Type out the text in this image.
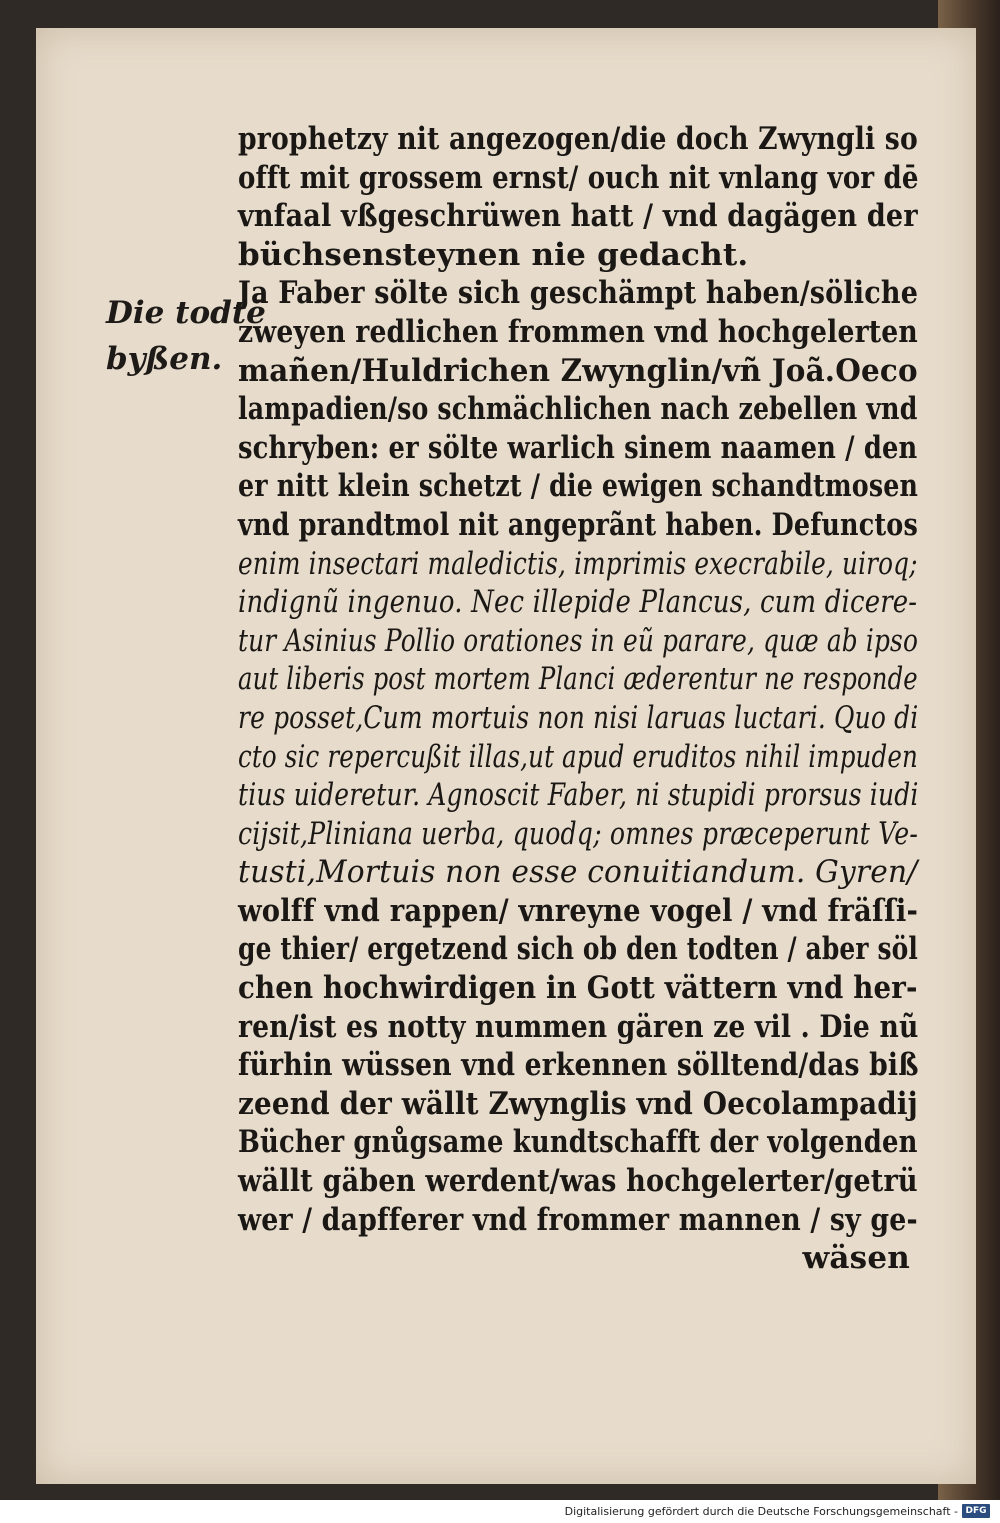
Die todtē
byßen.
prophetzy nit angezogen/die doch Zwyngli so
offt mit grossem ernst/ ouch nit vnlang vor dē
vnfaal vßgeschrüwen hatt / vnd dagägen der
büchsensteynen nie gedacht.
Ja Faber sölte sich geschämpt haben/söliche
zweyen redlichen frommen vnd hochgelerten
mañen/Huldrichen Zwynglin/vñ Joã.Oeco
lampadien/so schmächlichen nach zebellen vnd
schryben: er sölte warlich sinem naamen / den
er nitt klein schetzt / die ewigen schandtmosen
vnd prandtmol nit angeprãnt haben. Defunctos
enim insectari maledictis, imprimis execrabile, uiroq;
indignũ ingenuo. Nec illepide Plancus, cum dicere-
tur Asinius Pollio orationes in eũ parare, quæ ab ipso
aut liberis post mortem Planci æderentur ne responde
re posset,Cum mortuis non nisi laruas luctari. Quo di
cto sic repercußit illas,ut apud eruditos nihil impuden
tius uideretur. Agnoscit Faber, ni stupidi prorsus iudi
cijsit,Pliniana uerba, quodq; omnes præceperunt Ve-
tusti,Mortuis non esse conuitiandum. Gyren/
wolff vnd rappen/ vnreyne vogel / vnd fräſſi-
ge thier/ ergetzend sich ob den todten / aber söl
chen hochwirdigen in Gott vättern vnd her-
ren/ist es notty nummen gären ze vil . Die nũ
fürhin wüssen vnd erkennen sölltend/das biß
zeend der wällt Zwynglis vnd Oecolampadij
Bücher gnůgsame kundtschafft der volgenden
wällt gäben werdent/was hochgelerter/getrü
wer / dapfferer vnd frommer mannen / sy ge-
wäsen
Digitalisierung gefördert durch die Deutsche Forschungsgemeinschaft - DFG
